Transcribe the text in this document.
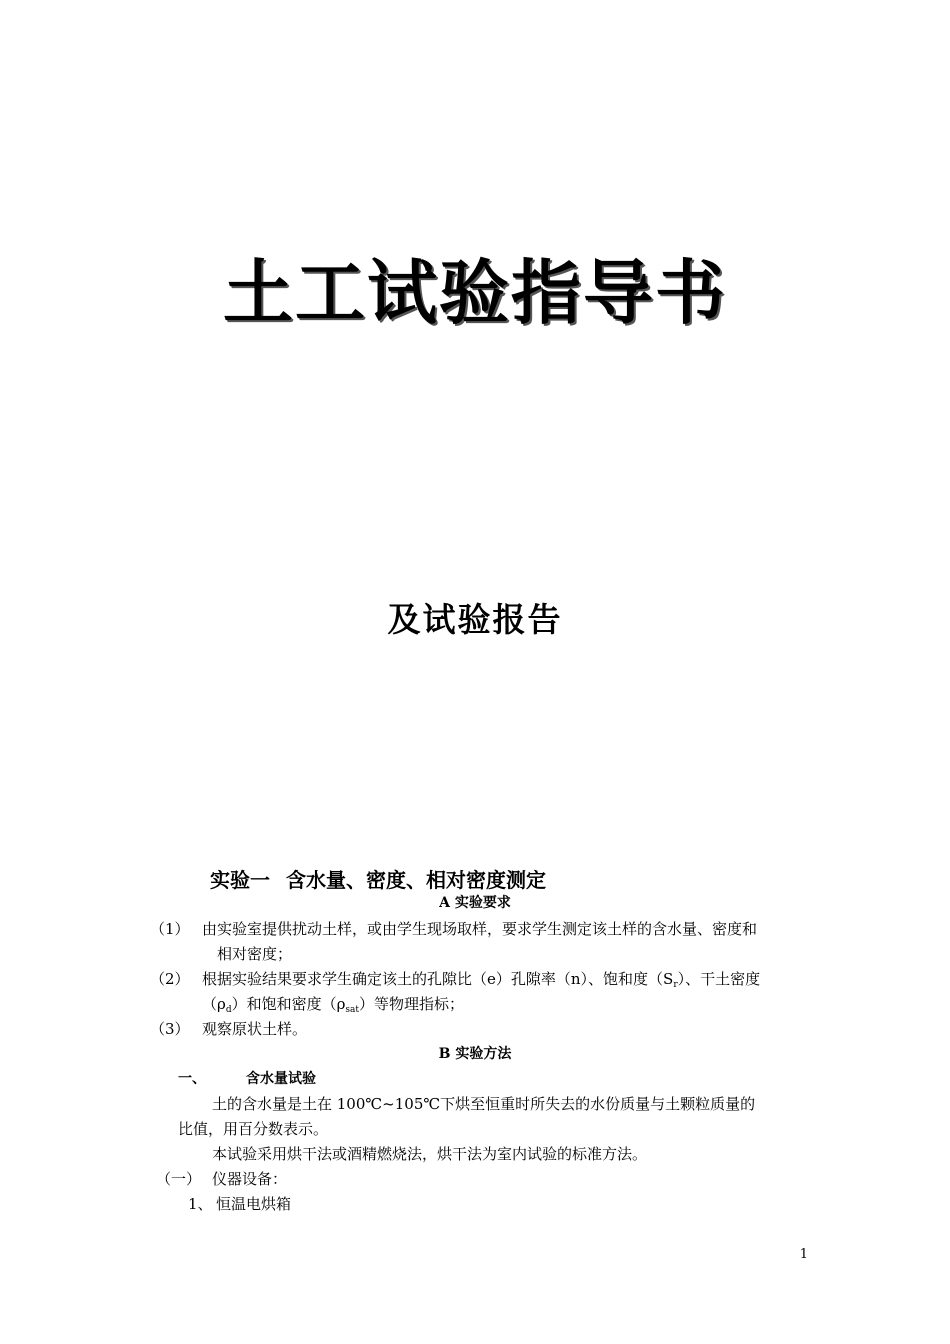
土工试验指导书
及试验报告
实验一 含水量、密度、相对密度测定
A 实验要求
（1） 由实验室提供扰动土样，或由学生现场取样，要求学生测定该土样的含水量、密度和
相对密度；
（2） 根据实验结果要求学生确定该土的孔隙比（e）孔隙率（n）、饱和度$(S_r)$、干土密度
$(\rho_d)$和饱和密度$(\rho_{sat})$等物理指标；
（3） 观察原状土样。
B 实验方法
一、	含水量试验
土的含水量是土在 100℃~105℃下烘至恒重时所失去的水份质量与土颗粒质量的
比值，用百分数表示。
本试验采用烘干法或酒精燃烧法，烘干法为室内试验的标准方法。
（一） 仪器设备：
1、 恒温电烘箱
1
